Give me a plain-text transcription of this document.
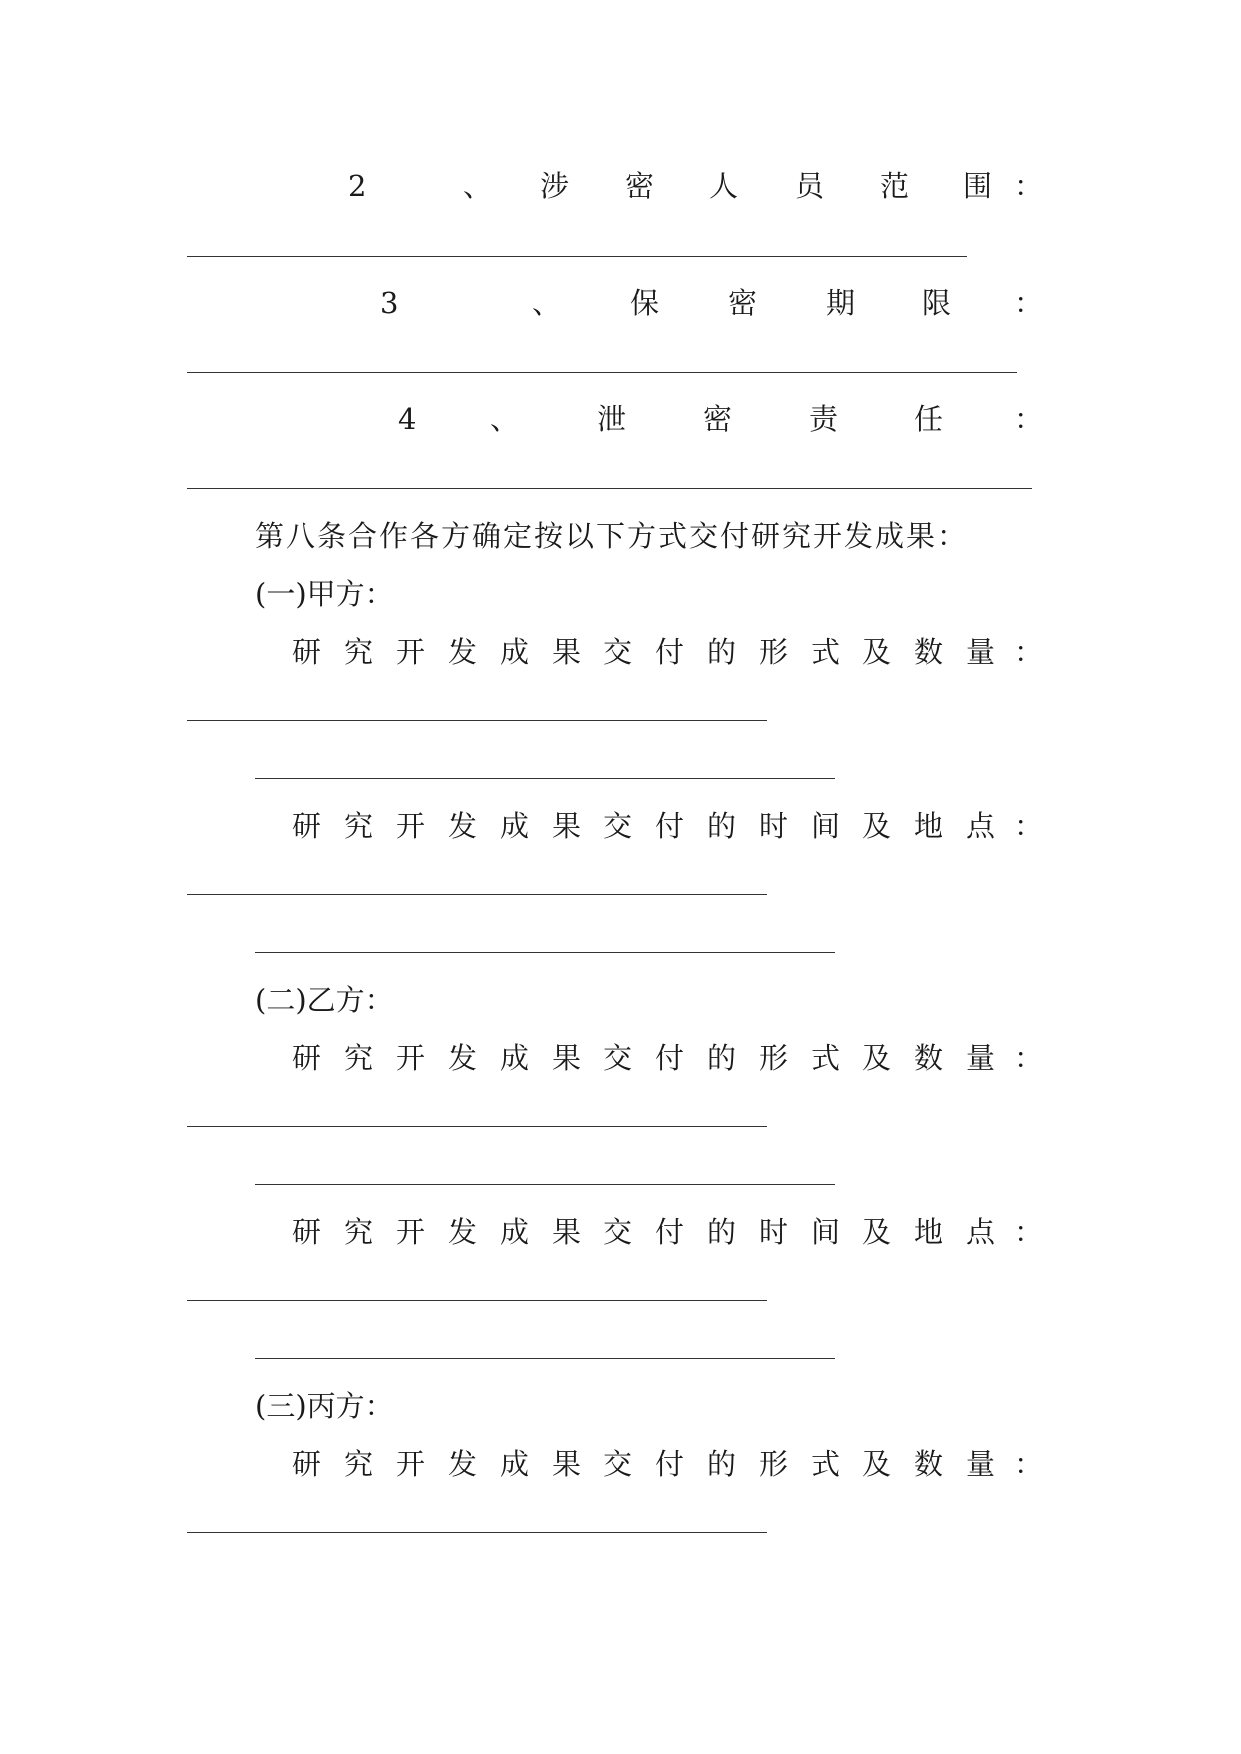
2	、 涉 密 人 员 范 围 ：
3	、 保 密 期 限 ：
4	、	泄	密	责	任 ：
第八条合作各方确定按以下方式交付研究开发成果：
(一)甲方：
研 究 开 发 成 果 交 付 的 形 式 及 数 量 ：
研 究 开 发 成 果 交 付 的 时 间 及 地 点 ：
(二)乙方：
研 究 开 发 成 果 交 付 的 形 式 及 数 量 ：
研 究 开 发 成 果 交 付 的 时 间 及 地 点 ：
(三)丙方：
研 究 开 发 成 果 交 付 的 形 式 及 数 量 ：
